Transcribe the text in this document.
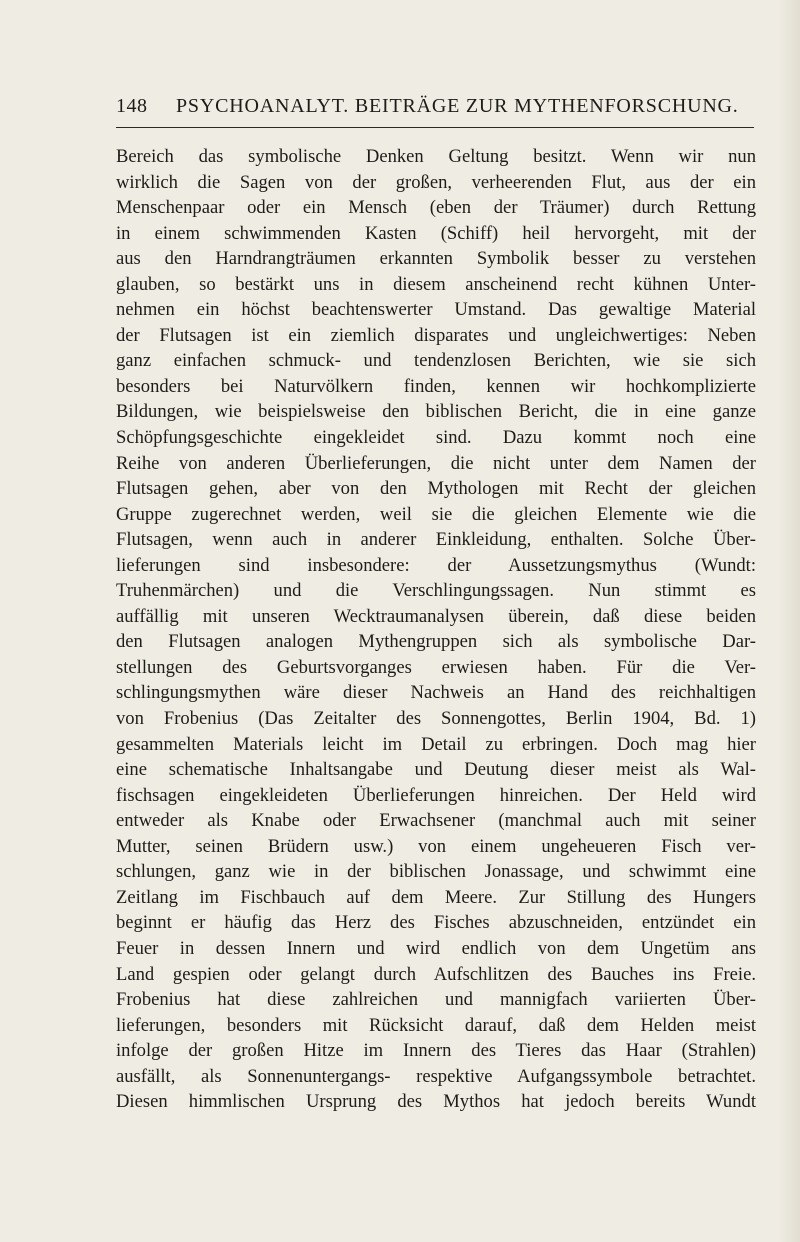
148 PSYCHOANALYT. BEITRÄGE ZUR MYTHENFORSCHUNG.
Bereich das symbolische Denken Geltung besitzt. Wenn wir nun
wirklich die Sagen von der großen, verheerenden Flut, aus der ein
Menschenpaar oder ein Mensch (eben der Träumer) durch Rettung
in einem schwimmenden Kasten (Schiff) heil hervorgeht, mit der
aus den Harndrangträumen erkannten Symbolik besser zu verstehen
glauben, so bestärkt uns in diesem anscheinend recht kühnen Unter-
nehmen ein höchst beachtenswerter Umstand. Das gewaltige Material
der Flutsagen ist ein ziemlich disparates und ungleichwertiges: Neben
ganz einfachen schmuck- und tendenzlosen Berichten, wie sie sich
besonders bei Naturvölkern finden, kennen wir hochkomplizierte
Bildungen, wie beispielsweise den biblischen Bericht, die in eine ganze
Schöpfungsgeschichte eingekleidet sind. Dazu kommt noch eine
Reihe von anderen Überlieferungen, die nicht unter dem Namen der
Flutsagen gehen, aber von den Mythologen mit Recht der gleichen
Gruppe zugerechnet werden, weil sie die gleichen Elemente wie die
Flutsagen, wenn auch in anderer Einkleidung, enthalten. Solche Über-
lieferungen sind insbesondere: der Aussetzungsmythus (Wundt:
Truhenmärchen) und die Verschlingungssagen. Nun stimmt es
auffällig mit unseren Wecktraumanalysen überein, daß diese beiden
den Flutsagen analogen Mythengruppen sich als symbolische Dar-
stellungen des Geburtsvorganges erwiesen haben. Für die Ver-
schlingungsmythen wäre dieser Nachweis an Hand des reichhaltigen
von Frobenius (Das Zeitalter des Sonnengottes, Berlin 1904, Bd. 1)
gesammelten Materials leicht im Detail zu erbringen. Doch mag hier
eine schematische Inhaltsangabe und Deutung dieser meist als Wal-
fischsagen eingekleideten Überlieferungen hinreichen. Der Held wird
entweder als Knabe oder Erwachsener (manchmal auch mit seiner
Mutter, seinen Brüdern usw.) von einem ungeheueren Fisch ver-
schlungen, ganz wie in der biblischen Jonassage, und schwimmt eine
Zeitlang im Fischbauch auf dem Meere. Zur Stillung des Hungers
beginnt er häufig das Herz des Fisches abzuschneiden, entzündet ein
Feuer in dessen Innern und wird endlich von dem Ungetüm ans
Land gespien oder gelangt durch Aufschlitzen des Bauches ins Freie.
Frobenius hat diese zahlreichen und mannigfach variierten Über-
lieferungen, besonders mit Rücksicht darauf, daß dem Helden meist
infolge der großen Hitze im Innern des Tieres das Haar (Strahlen)
ausfällt, als Sonnenuntergangs- respektive Aufgangssymbole betrachtet.
Diesen himmlischen Ursprung des Mythos hat jedoch bereits Wundt
